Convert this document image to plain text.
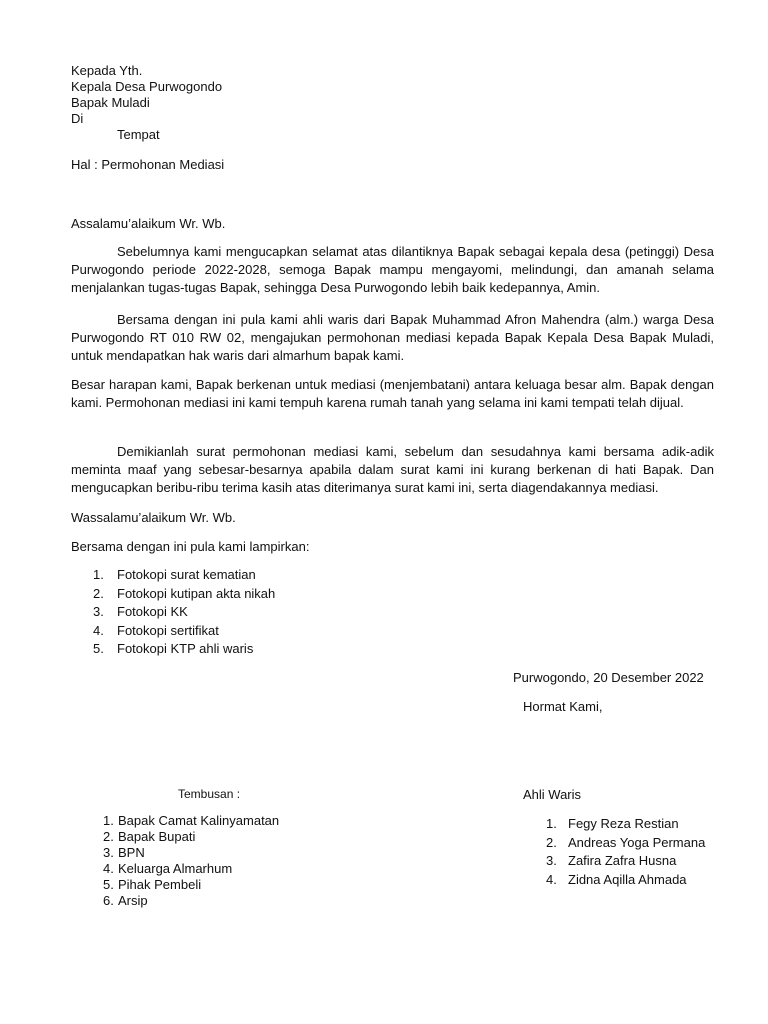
Kepada Yth.
Kepala Desa Purwogondo
Bapak Muladi
Di
Tempat
Hal : Permohonan Mediasi
Assalamu’alaikum Wr. Wb.
Sebelumnya kami mengucapkan selamat atas dilantiknya Bapak sebagai kepala desa (petinggi) Desa Purwogondo periode 2022-2028, semoga Bapak mampu mengayomi, melindungi, dan amanah selama menjalankan tugas-tugas Bapak, sehingga Desa Purwogondo lebih baik kedepannya, Amin.
Bersama dengan ini pula kami ahli waris dari Bapak Muhammad Afron Mahendra (alm.) warga Desa Purwogondo RT 010 RW 02, mengajukan permohonan mediasi kepada Bapak Kepala Desa Bapak Muladi, untuk mendapatkan hak waris dari almarhum bapak kami.
Besar harapan kami, Bapak berkenan untuk mediasi (menjembatani) antara keluaga besar alm. Bapak dengan kami. Permohonan mediasi ini kami tempuh karena rumah tanah yang selama ini kami tempati telah dijual.
Demikianlah surat permohonan mediasi kami, sebelum dan sesudahnya kami bersama adik-adik meminta maaf yang sebesar-besarnya apabila dalam surat kami ini kurang berkenan di hati Bapak. Dan mengucapkan beribu-ribu terima kasih atas diterimanya surat kami ini, serta diagendakannya mediasi.
Wassalamu’alaikum Wr. Wb.
Bersama dengan ini pula kami lampirkan:
1. Fotokopi surat kematian
2. Fotokopi kutipan akta nikah
3. Fotokopi KK
4. Fotokopi sertifikat
5. Fotokopi KTP ahli waris
Purwogondo, 20 Desember 2022
Hormat Kami,
Tembusan :
1. Bapak Camat Kalinyamatan
2. Bapak Bupati
3. BPN
4. Keluarga Almarhum
5. Pihak Pembeli
6. Arsip
Ahli Waris
1. Fegy Reza Restian
2. Andreas Yoga Permana
3. Zafira Zafra Husna
4. Zidna Aqilla Ahmada
